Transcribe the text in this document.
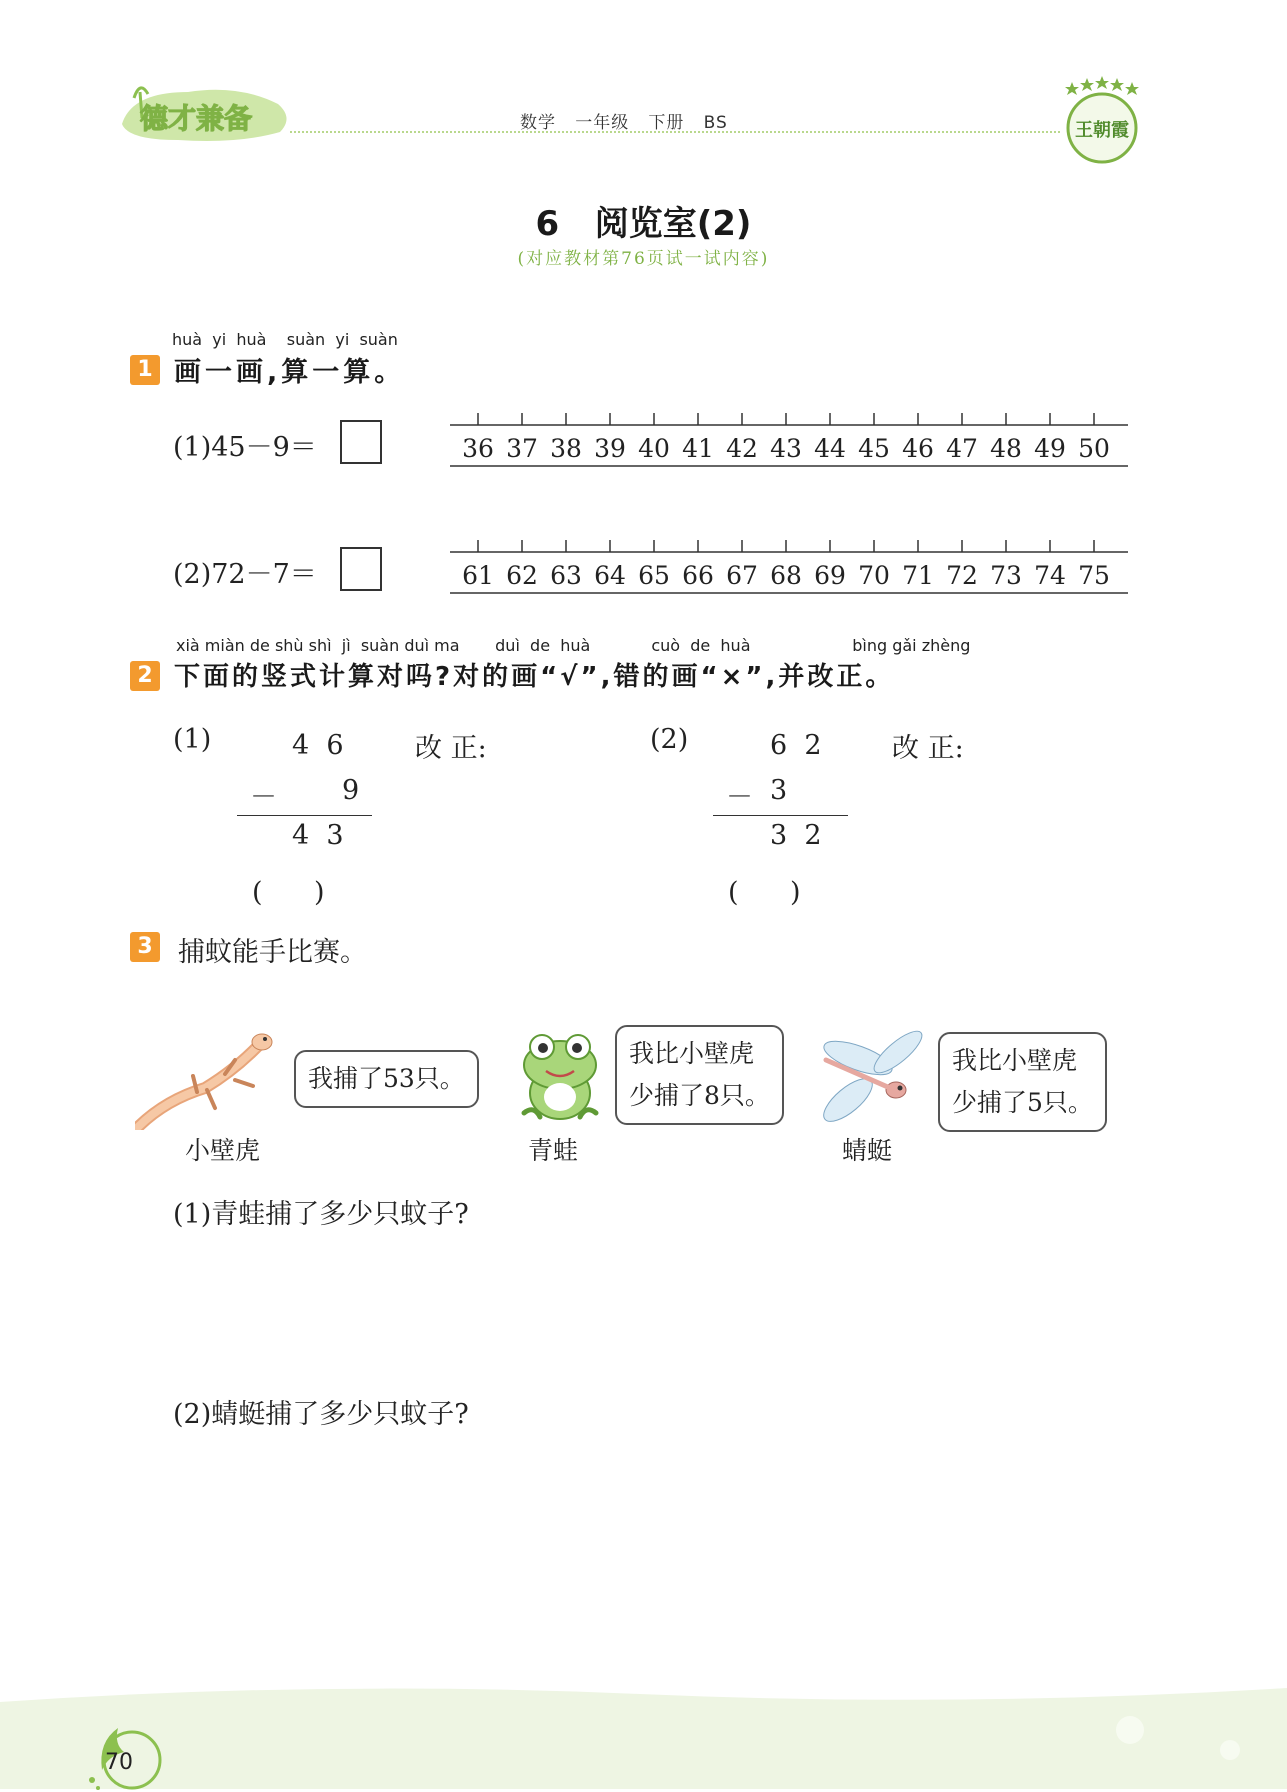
德才兼备	数学   一年级   下册   BS	王朝霞
6   阅览室(2)
(对应教材第76页试一试内容)
huà  yi  huà    suàn  yi  suàn
1 画一画,算一算。
(1)45－9＝	36 37 38 39 40 41 42 43 44 45 46 47 48 49 50
(2)72－7＝	61 62 63 64 65 66 67 68 69 70 71 72 73 74 75
xià miàn de shù shì  jì  suàn duì ma       duì  de  huà            cuò  de  huà                    bìng gǎi zhèng
2 下面的竖式计算对吗?对的画“√”,错的画“×”,并改正。
(1)	4  6
－ 9
4  3
改 正:
(      )
(2)	6  2
－ 3
3  2
改 正:
(      )
3 捕蚊能手比赛。
我捕了53只。
小壁虎
我比小壁虎
少捕了8只。
青蛙
我比小壁虎
少捕了5只。
蜻蜓
(1)青蛙捕了多少只蚊子?
(2)蜻蜓捕了多少只蚊子?
70
